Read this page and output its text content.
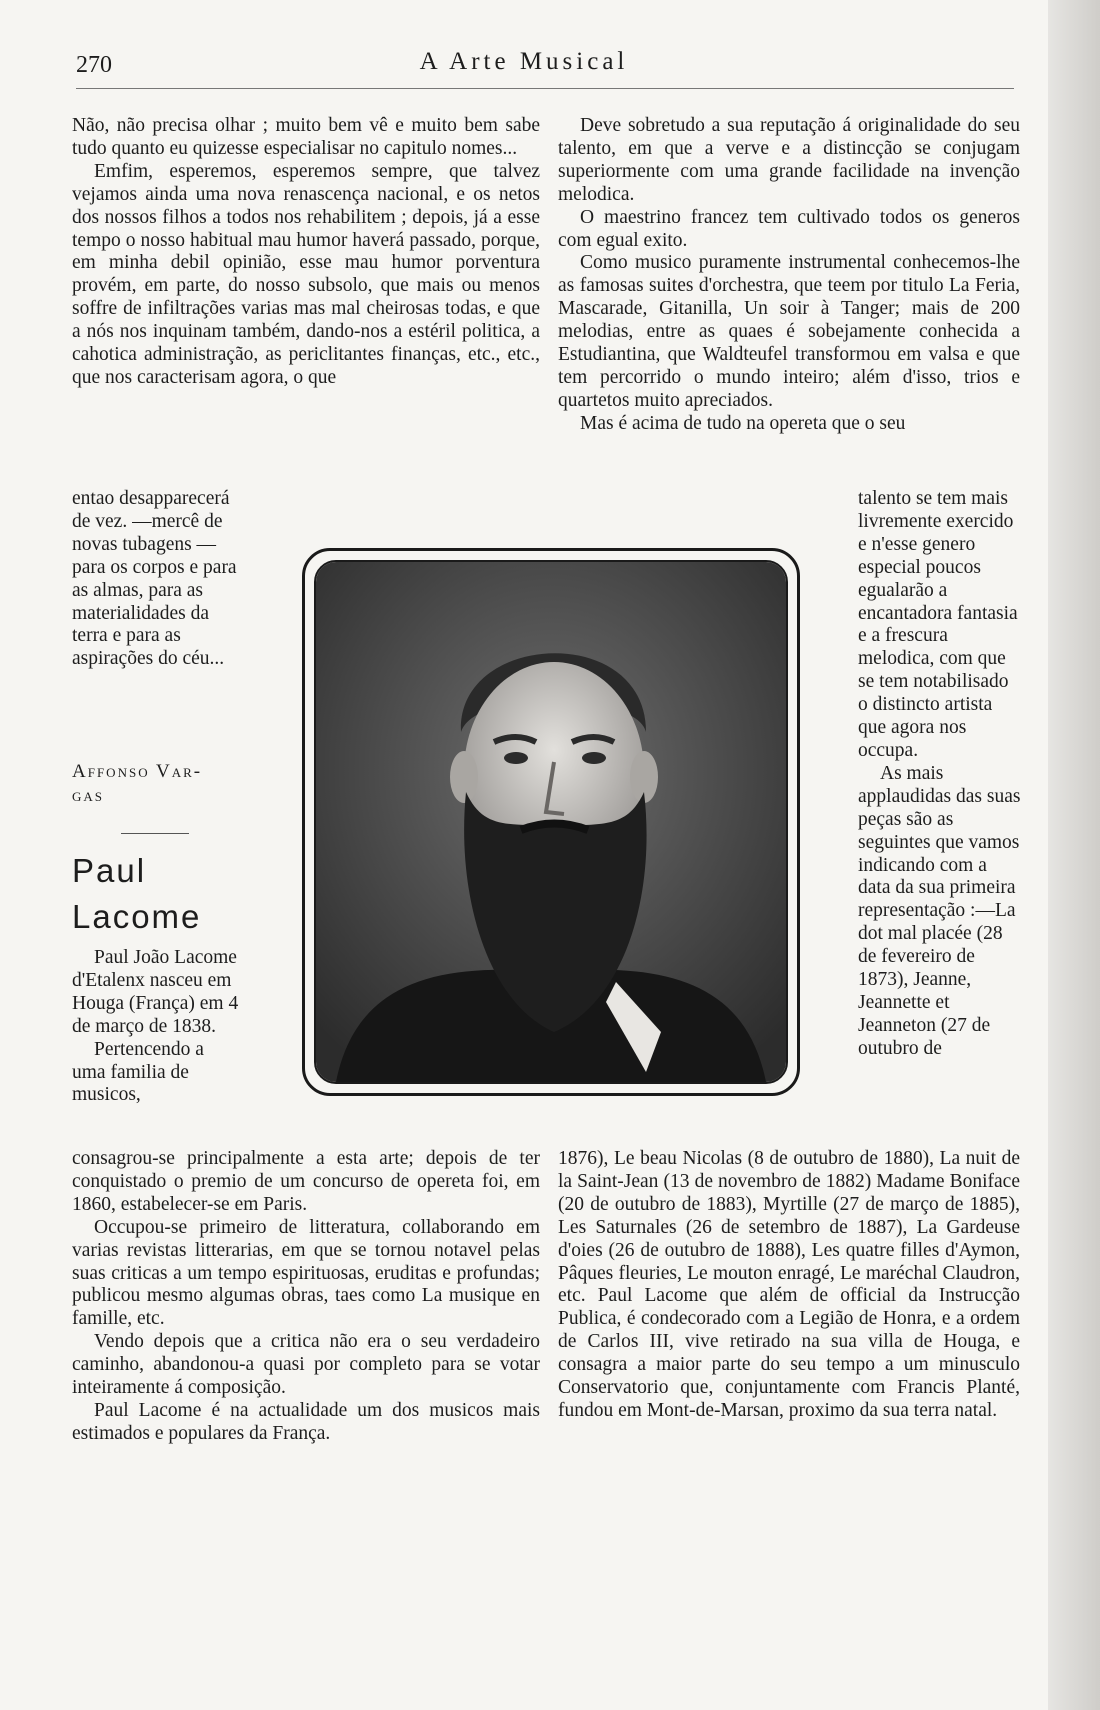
270	A Arte Musical

Não, não precisa olhar ; muito bem vê e muito bem sabe tudo quanto eu quizesse especialisar no capitulo nomes...

Emfim, esperemos, esperemos sempre, que talvez vejamos ainda uma nova renascença nacional, e os netos dos nossos filhos a todos nos rehabilitem ; depois, já a esse tempo o nosso habitual mau humor haverá passado, porque, em minha debil opinião, esse mau humor porventura provém, em parte, do nosso subsolo, que mais ou menos soffre de infiltrações varias mas mal cheirosas todas, e que a nós nos inquinam também, dando-nos a estéril politica, a cahotica administração, as periclitantes finanças, etc., etc., que nos caracterisam agora, o que

entao desapparecerá de vez. —mercê de novas tubagens — para os corpos e para as almas, para as materialidades da terra e para as aspirações do céu...
Affonso Var-
gas
Paul
Lacome

Paul João Lacome d'Etalenx nasceu em Houga (França) em 4 de março de 1838.

Pertencendo a uma familia de musicos,

consagrou-se principalmente a esta arte; depois de ter conquistado o premio de um concurso de opereta foi, em 1860, estabelecer-se em Paris.

Occupou-se primeiro de litteratura, collaborando em varias revistas litterarias, em que se tornou notavel pelas suas criticas a um tempo espirituosas, eruditas e profundas; publicou mesmo algumas obras, taes como La musique en famille, etc.

Vendo depois que a critica não era o seu verdadeiro caminho, abandonou-a quasi por completo para se votar inteiramente á composição.

Paul Lacome é na actualidade um dos musicos mais estimados e populares da França.

Deve sobretudo a sua reputação á originalidade do seu talento, em que a verve e a distincção se conjugam superiormente com uma grande facilidade na invenção melodica.

O maestrino francez tem cultivado todos os generos com egual exito.

Como musico puramente instrumental conhecemos-lhe as famosas suites d'orchestra, que teem por titulo La Feria, Mascarade, Gitanilla, Un soir à Tanger; mais de 200 melodias, entre as quaes é sobejamente conhecida a Estudiantina, que Waldteufel transformou em valsa e que tem percorrido o mundo inteiro; além d'isso, trios e quartetos muito apreciados.

Mas é acima de tudo na opereta que o seu

talento se tem mais livremente exercido e n'esse genero especial poucos egualarão a encantadora fantasia e a frescura melodica, com que se tem notabilisado o distincto artista que agora nos occupa.

As mais applaudidas das suas peças são as seguintes que vamos indicando com a data da sua primeira representação :—La dot mal placée (28 de fevereiro de 1873), Jeanne, Jeannette et Jeanneton (27 de outubro de

1876), Le beau Nicolas (8 de outubro de 1880), La nuit de la Saint-Jean (13 de novembro de 1882) Madame Boniface (20 de outubro de 1883), Myrtille (27 de março de 1885), Les Saturnales (26 de setembro de 1887), La Gardeuse d'oies (26 de outubro de 1888), Les quatre filles d'Aymon, Pâques fleuries, Le mouton enragé, Le maréchal Claudron, etc. Paul Lacome que além de official da Instrucção Publica, é condecorado com a Legião de Honra, e a ordem de Carlos III, vive retirado na sua villa de Houga, e consagra a maior parte do seu tempo a um minusculo Conservatorio que, conjuntamente com Francis Planté, fundou em Mont-de-Marsan, proximo da sua terra natal.
